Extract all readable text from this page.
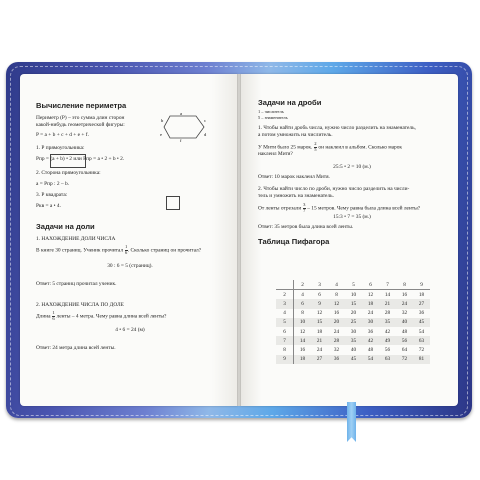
Вычисление периметра
Периметр (Р) – это сумма длин сторон
какой-нибудь геометрической фигуры:
P = a + b + c + d + e + f.
a
b	c
d
e
f
1. Р прямоугольника:
Pпр = (a + b) • 2 или Pпр = a • 2 + b • 2.
2. Сторона прямоугольника:
a = Pпр : 2 – b.
3. Р квадрата:
Pкв = a • 4.
Задачи на доли
1. НАХОЖДЕНИЕ ДОЛИ ЧИСЛА
В книге 30 страниц. Ученик прочитал $\frac{1}{6}$ . Сколько страниц он прочитал?
30 : 6 = 5 (страниц).
Ответ: 5 страниц прочитал ученик.
2. НАХОЖДЕНИЕ ЧИСЛА ПО ДОЛЕ
Длина $\frac{1}{6}$ ленты – 4 метра. Чему равна длина всей ленты?
4 • 6 = 24 (м)
Ответ: 24 метра длина всей ленты.
Задачи на дроби
1 – числитель
5 – знаменатель
1. Чтобы найти дробь числа, нужно число разделить на знаменатель,
а потом умножить на числитель.
У Мити было 25 марок. $\frac{2}{5}$ он наклеил в альбом. Сколько марок
наклеил Митя?
25:5 • 2 = 10 (м.)
Ответ: 10 марок наклеил Митя.
2. Чтобы найти число по дроби, нужно число разделить на числи-
тель и умножить на знаменатель.
От ленты отрезали $\frac{3}{7} - 15$ метров. Чему равна была длина всей ленты?
15:3 • 7 = 35 (м.)
Ответ: 35 метров была длина всей ленты.
Таблица Пифагора
	2	3	4	5	6	7	8	9
2	4	6	8	10	12	14	16	18
3	6	9	12	15	18	21	24	27
4	8	12	16	20	24	28	32	36
5	10	15	20	25	30	35	40	45
6	12	18	24	30	36	42	48	54
7	14	21	28	35	42	49	56	63
8	16	24	32	40	48	56	64	72
9	18	27	36	45	54	63	72	81
